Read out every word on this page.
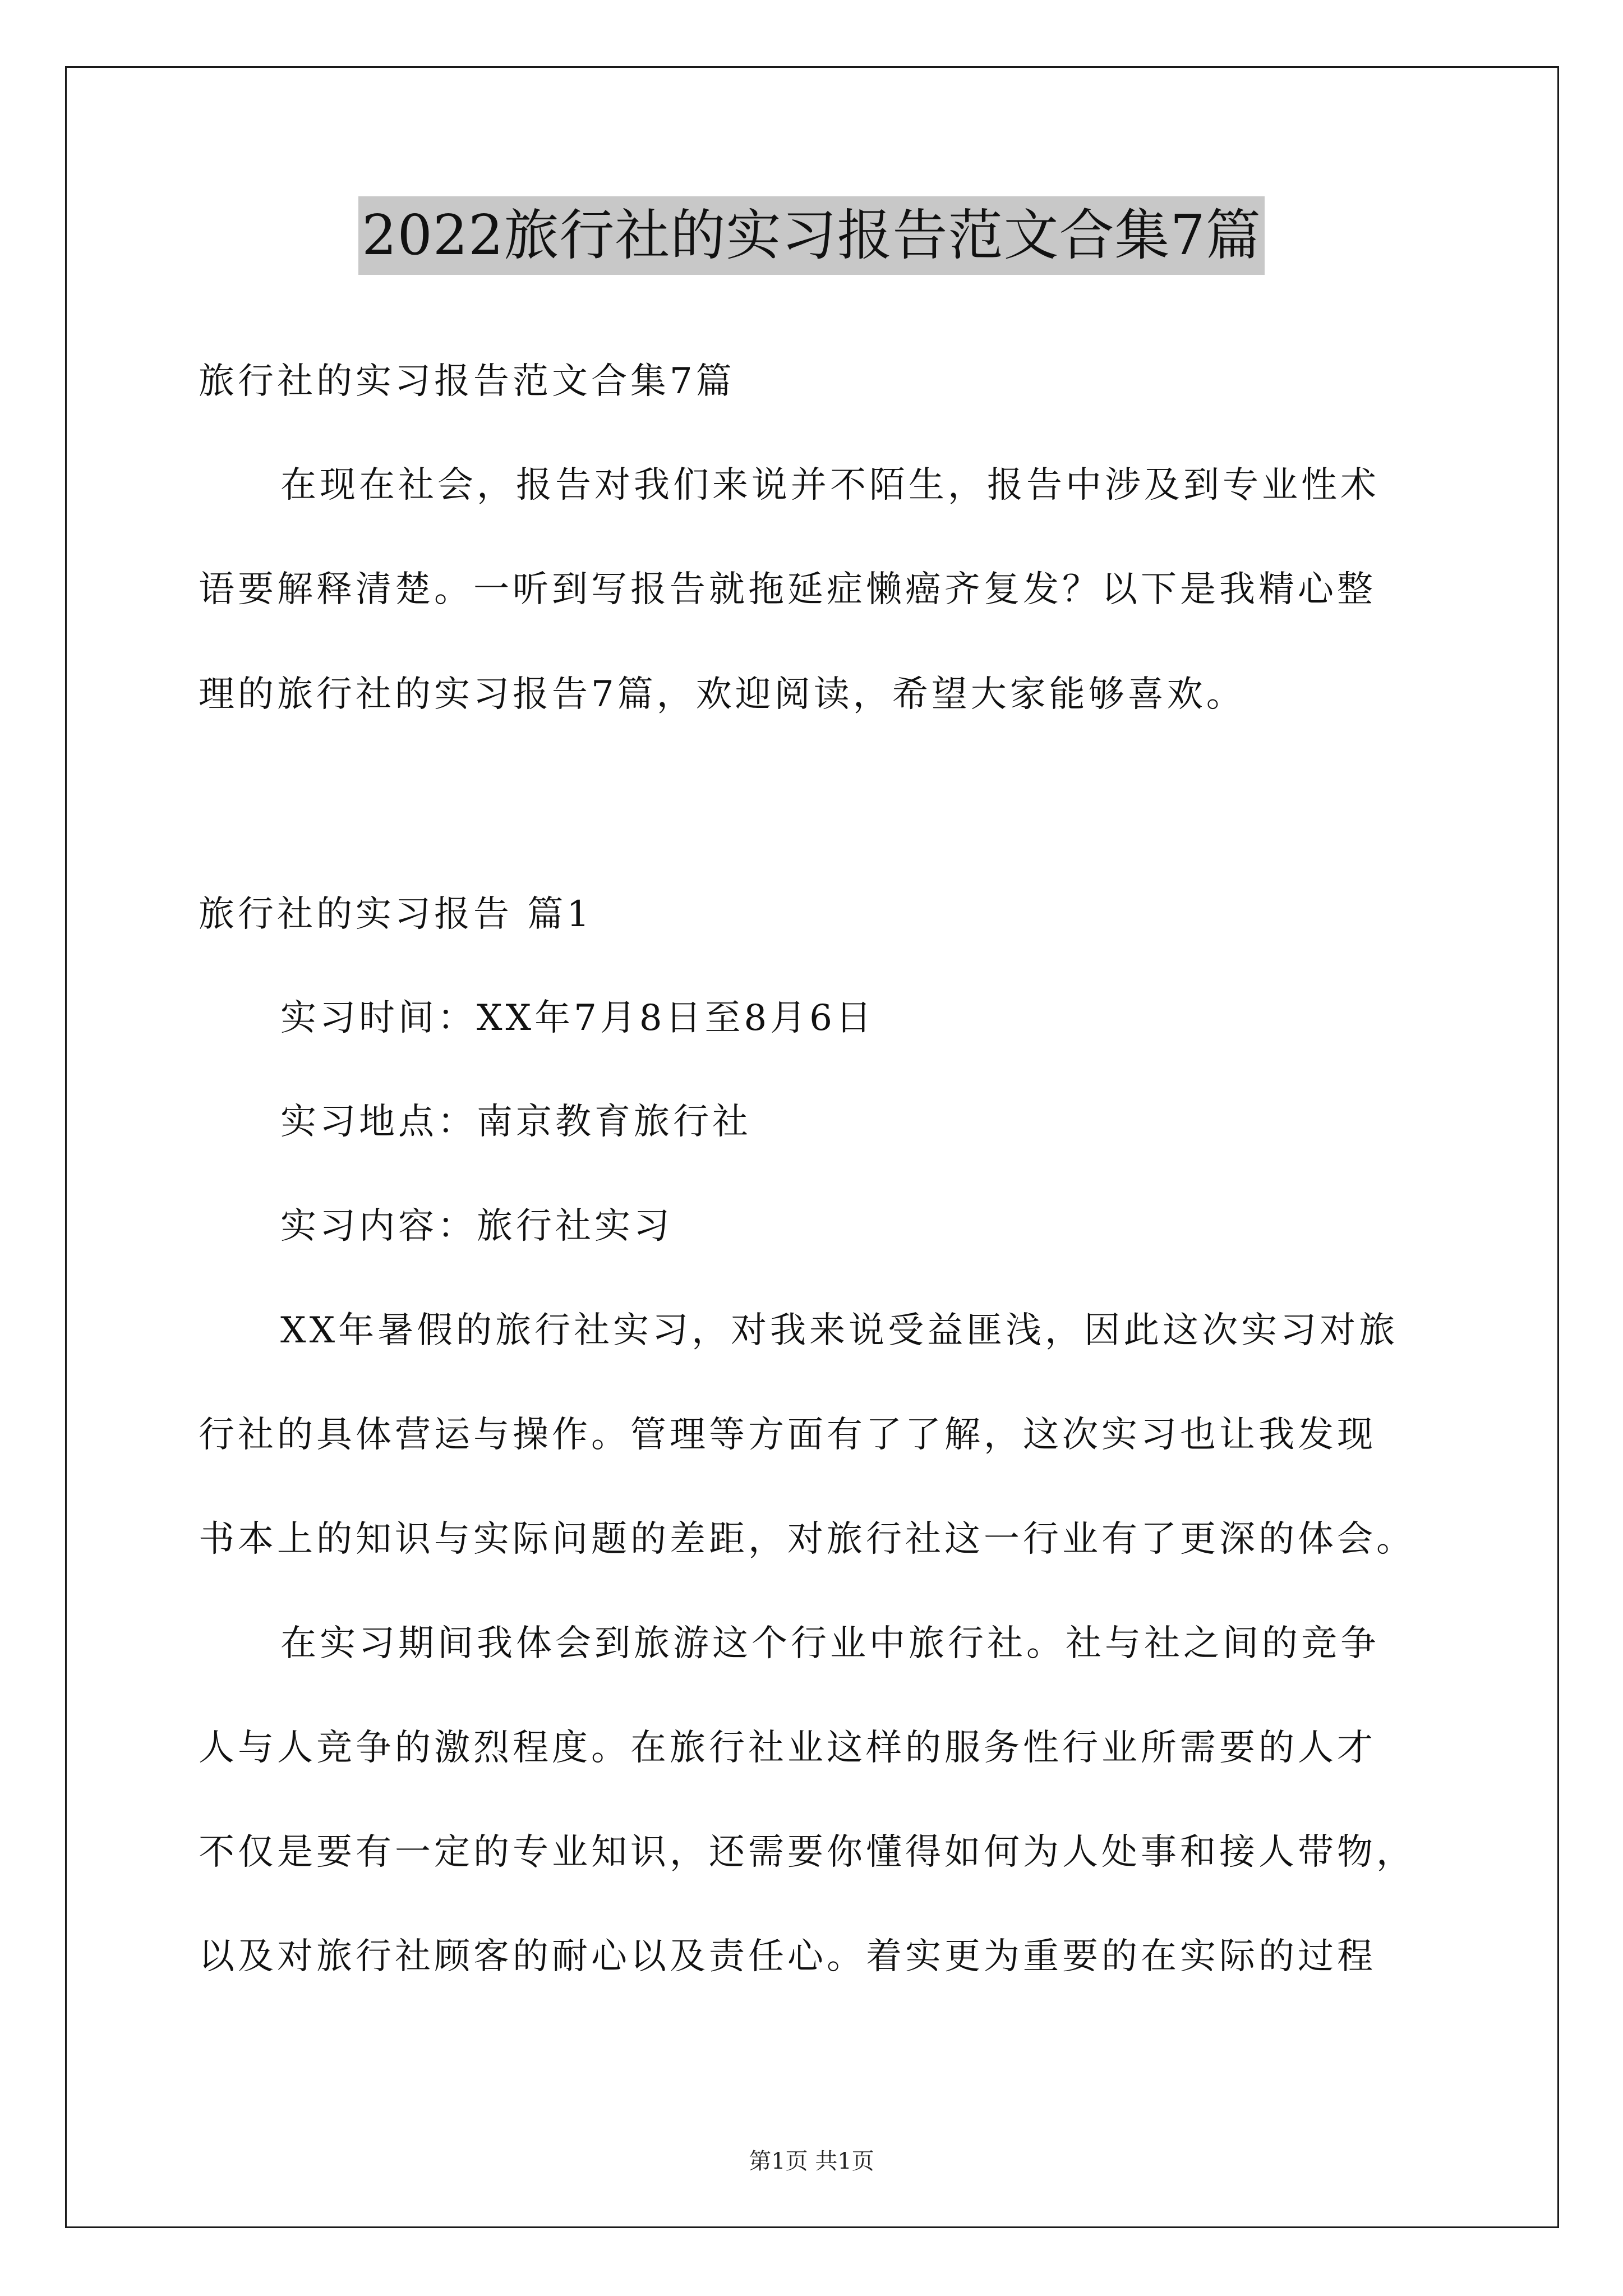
2022旅行社的实习报告范文合集7篇
旅行社的实习报告范文合集7篇
在现在社会，报告对我们来说并不陌生，报告中涉及到专业性术
语要解释清楚。一听到写报告就拖延症懒癌齐复发？以下是我精心整
理的旅行社的实习报告7篇，欢迎阅读，希望大家能够喜欢。
旅行社的实习报告 篇1
实习时间：XX年7月8日至8月6日
实习地点：南京教育旅行社
实习内容：旅行社实习
XX年暑假的旅行社实习，对我来说受益匪浅，因此这次实习对旅
行社的具体营运与操作。管理等方面有了了解，这次实习也让我发现
书本上的知识与实际问题的差距，对旅行社这一行业有了更深的体会。
在实习期间我体会到旅游这个行业中旅行社。社与社之间的竞争
人与人竞争的激烈程度。在旅行社业这样的服务性行业所需要的人才
不仅是要有一定的专业知识，还需要你懂得如何为人处事和接人带物，
以及对旅行社顾客的耐心以及责任心。着实更为重要的在实际的过程
第1页 共1页
